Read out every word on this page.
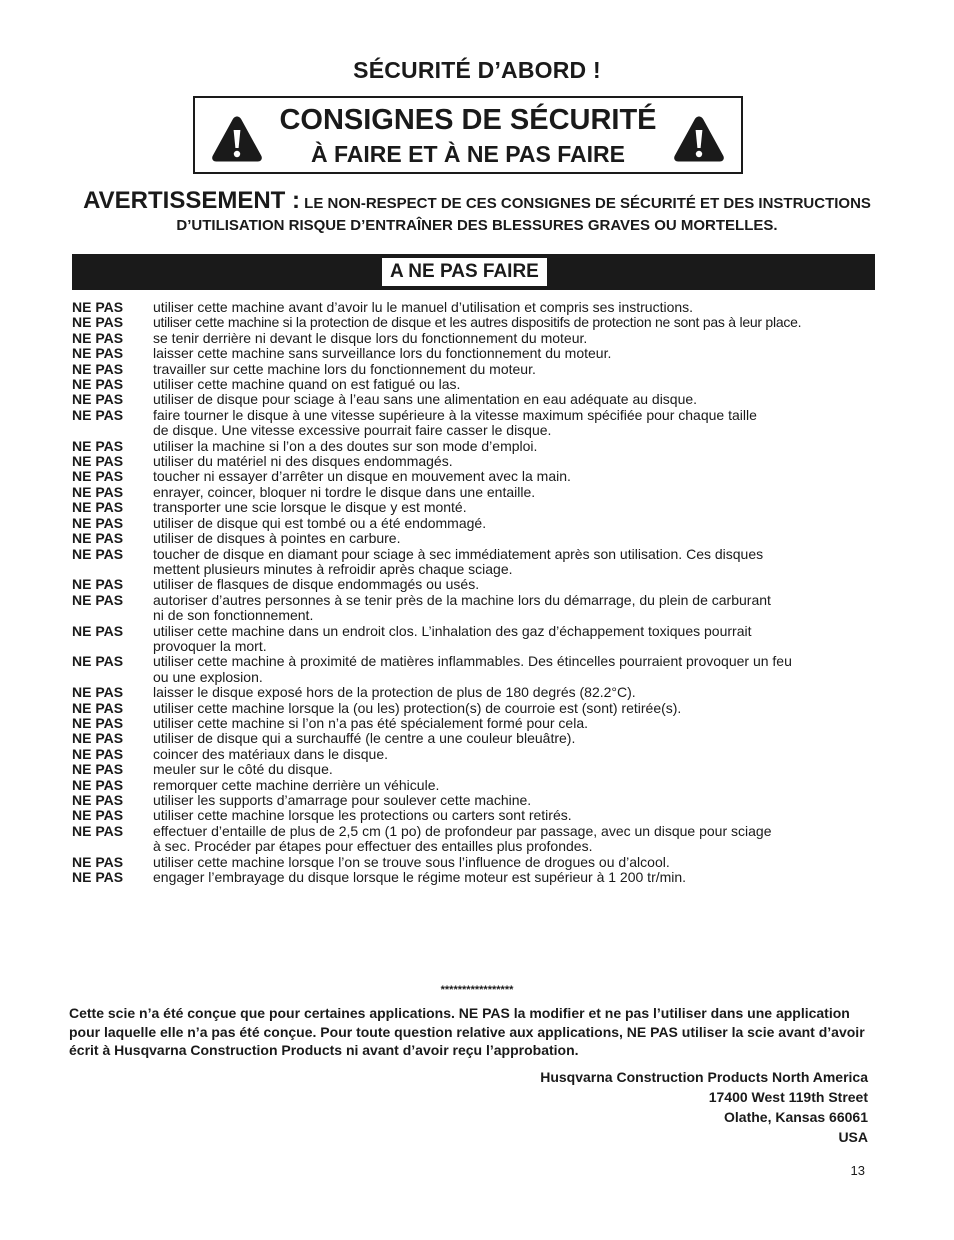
SÉCURITÉ D’ABORD !
CONSIGNES DE SÉCURITÉ
À FAIRE ET À NE PAS FAIRE
AVERTISSEMENT : LE NON-RESPECT DE CES CONSIGNES DE SÉCURITÉ ET DES INSTRUCTIONS D’UTILISATION RISQUE D’ENTRAÎNER DES BLESSURES GRAVES OU MORTELLES.
A NE PAS FAIRE
NE PAS	utiliser cette machine avant d’avoir lu le manuel d’utilisation et compris ses instructions.
NE PAS	utiliser cette machine si la protection de disque et les autres dispositifs de protection ne sont pas à leur place.
NE PAS	se tenir derrière ni devant le disque lors du fonctionnement du moteur.
NE PAS	laisser cette machine sans surveillance lors du fonctionnement du moteur.
NE PAS	travailler sur cette machine lors du fonctionnement du moteur.
NE PAS	utiliser cette machine quand on est fatigué ou las.
NE PAS	utiliser de disque pour sciage à l’eau sans une alimentation en eau adéquate au disque.
NE PAS	faire tourner le disque à une vitesse supérieure à la vitesse maximum spécifiée pour chaque taille
de disque. Une vitesse excessive pourrait faire casser le disque.
NE PAS	utiliser la machine si l’on a des doutes sur son mode d’emploi.
NE PAS	utiliser du matériel ni des disques endommagés.
NE PAS	toucher ni essayer d’arrêter un disque en mouvement avec la main.
NE PAS	enrayer, coincer, bloquer ni tordre le disque dans une entaille.
NE PAS	transporter une scie lorsque le disque y est monté.
NE PAS	utiliser de disque qui est tombé ou a été endommagé.
NE PAS	utiliser de disques à pointes en carbure.
NE PAS	toucher de disque en diamant pour sciage à sec immédiatement après son utilisation. Ces disques
mettent plusieurs minutes à refroidir après chaque sciage.
NE PAS	utiliser de flasques de disque endommagés ou usés.
NE PAS	autoriser d’autres personnes à se tenir près de la machine lors du démarrage, du plein de carburant
ni de son fonctionnement.
NE PAS	utiliser cette machine dans un endroit clos. L’inhalation des gaz d’échappement toxiques pourrait
provoquer la mort.
NE PAS	utiliser cette machine à proximité de matières inflammables. Des étincelles pourraient provoquer un feu
ou une explosion.
NE PAS	laisser le disque exposé hors de la protection de plus de 180 degrés (82.2°C).
NE PAS	utiliser cette machine lorsque la (ou les) protection(s) de courroie est (sont) retirée(s).
NE PAS	utiliser cette machine si l’on n’a pas été spécialement formé pour cela.
NE PAS	utiliser de disque qui a surchauffé (le centre a une couleur bleuâtre).
NE PAS	coincer des matériaux dans le disque.
NE PAS	meuler sur le côté du disque.
NE PAS	remorquer cette machine derrière un véhicule.
NE PAS	utiliser les supports d’amarrage pour soulever cette machine.
NE PAS	utiliser cette machine lorsque les protections ou carters sont retirés.
NE PAS	effectuer d’entaille de plus de 2,5 cm (1 po) de profondeur par passage, avec un disque pour sciage
à sec. Procéder par étapes pour effectuer des entailles plus profondes.
NE PAS	utiliser cette machine lorsque l’on se trouve sous l’influence de drogues ou d’alcool.
NE PAS	engager l’embrayage du disque lorsque le régime moteur est supérieur à 1 200 tr/min.
*****************
Cette scie n’a été conçue que pour certaines applications. NE PAS la modifier et ne pas l’utiliser dans une application pour laquelle elle n’a pas été conçue. Pour toute question relative aux applications, NE PAS utiliser la scie avant d’avoir écrit à Husqvarna Construction Products ni avant d’avoir reçu l’approbation.
Husqvarna Construction Products North America
17400 West 119th Street
Olathe, Kansas 66061
USA
13
